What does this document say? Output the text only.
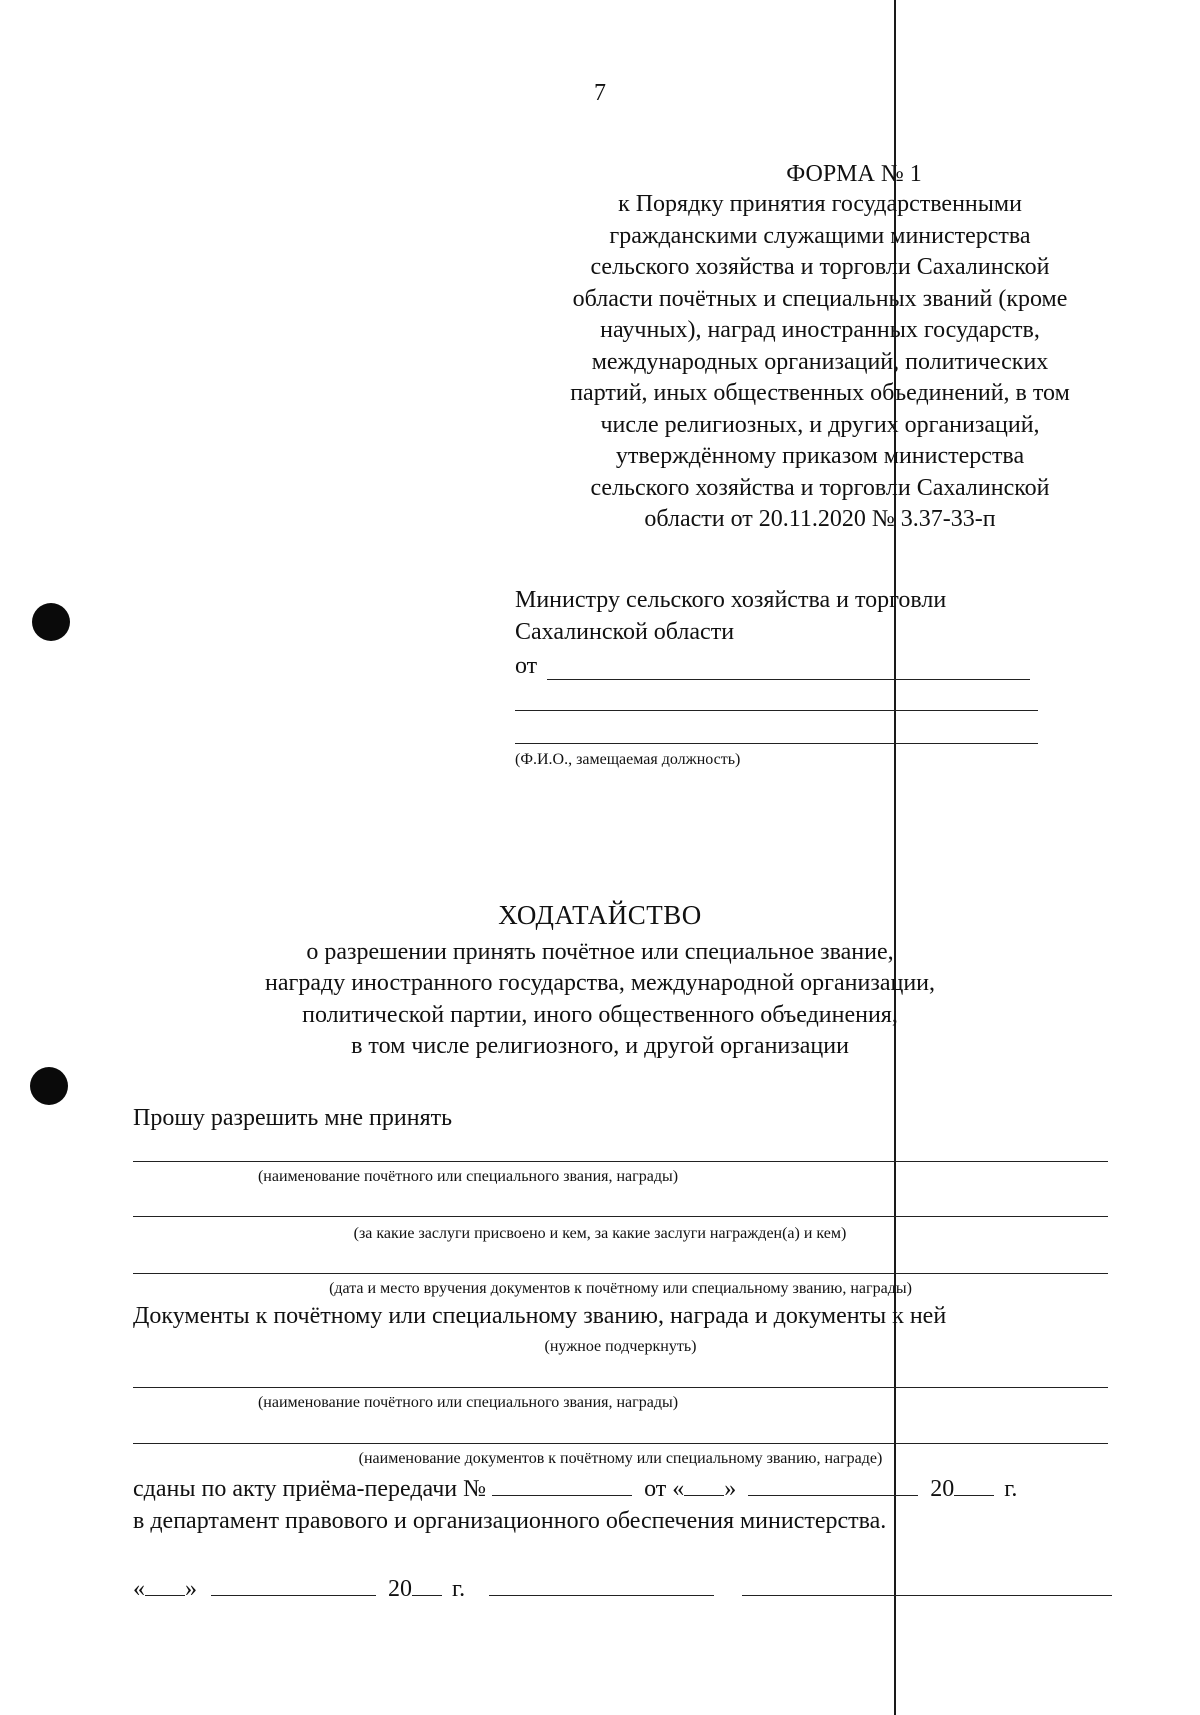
7
ФОРМА № 1
к Порядку принятия государственными
гражданскими служащими министерства
сельского хозяйства и торговли Сахалинской
области почётных и специальных званий (кроме
научных), наград иностранных государств,
международных организаций, политических
партий, иных общественных объединений, в том
числе религиозных, и других организаций,
утверждённому приказом министерства
сельского хозяйства и торговли Сахалинской
области от 20.11.2020 № 3.37-33-п
Министру сельского хозяйства и торговли
Сахалинской области
от
(Ф.И.О., замещаемая должность)
ХОДАТАЙСТВО
о разрешении принять почётное или специальное звание,
награду иностранного государства, международной организации,
политической партии, иного общественного объединения,
в том числе религиозного, и другой организации
Прошу разрешить мне принять
(наименование почётного или специального звания, награды)
(за какие заслуги присвоено и кем, за какие заслуги награжден(а) и кем)
(дата и место вручения документов к почётному или специальному званию, награды)
Документы к почётному или специальному званию, награда и документы к ней
(нужное подчеркнуть)
(наименование почётного или специального звания, награды)
(наименование документов к почётному или специальному званию, награде)
сданы по акту приёма-передачи №	от « »	20 г.
в департамент правового и организационного обеспечения министерства.
« »	20 г.
